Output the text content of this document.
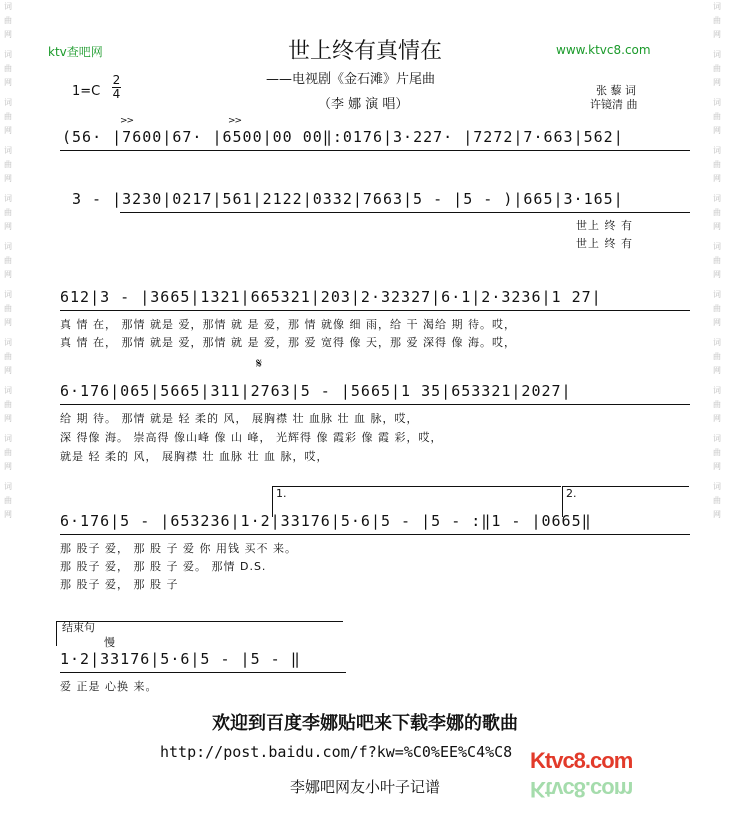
词曲网
词曲网
词曲网
词曲网
词曲网
词曲网
词曲网
词曲网
词曲网
词曲网
词曲网
词曲网
词曲网
词曲网
词曲网
词曲网
词曲网
词曲网
词曲网
词曲网
词曲网
词曲网
ktv查吧网	www.ktvc8.com
世上终有真情在
——电视剧《金石滩》片尾曲
（李 娜 演 唱）
1=C
2
4	张 藜 词
许镜清 曲
(56· |7600|67· |6500|00 00‖:0176|3·227· |7272|7·663|562|
>>	>>
3 - |3230|0217|561|2122|0332|7663|5 - |5 - )|665|3·165|
世上 终 有
世上 终 有
612|3 - |3665|1321|665321|203|2·32327|6·1|2·3236|1 27|
真 情 在， 那情 就是 爱，那情 就 是 爱，那 情 就像 细 雨，给 干 渴给 期 待。哎，
真 情 在， 那情 就是 爱，那情 就 是 爱，那 爱 宽得 像 天，那 爱 深得 像 海。哎，
𝄋
6·176|065|5665|311|2763|5 - |5665|1 35|653321|2027|
给 期 待。 那情 就是 轻 柔的 风， 展胸襟 壮 血脉 壮 血 脉，哎，
深 得像 海。 崇高得 像山峰 像 山 峰， 光辉得 像 霞彩 像 霞 彩，哎，
就是 轻 柔的 风， 展胸襟 壮 血脉 壮 血 脉，哎，
1.	2.
6·176|5 - |653236|1·2|33176|5·6|5 - |5 - :‖1 - |0665‖
那 股子 爱， 那 股 子 爱 你 用钱 买不 来。
那 股子 爱， 那 股 子 爱。 那情 D.S.
那 股子 爱， 那 股 子
结束句
慢
1·2|33176|5·6|5 - |5 - ‖
爱 正是 心换 来。
欢迎到百度李娜贴吧来下载李娜的歌曲
http://post.baidu.com/f?kw=%C0%EE%C4%C8
李娜吧网友小叶子记谱
Ktvc8.com
Ktvc8.com
